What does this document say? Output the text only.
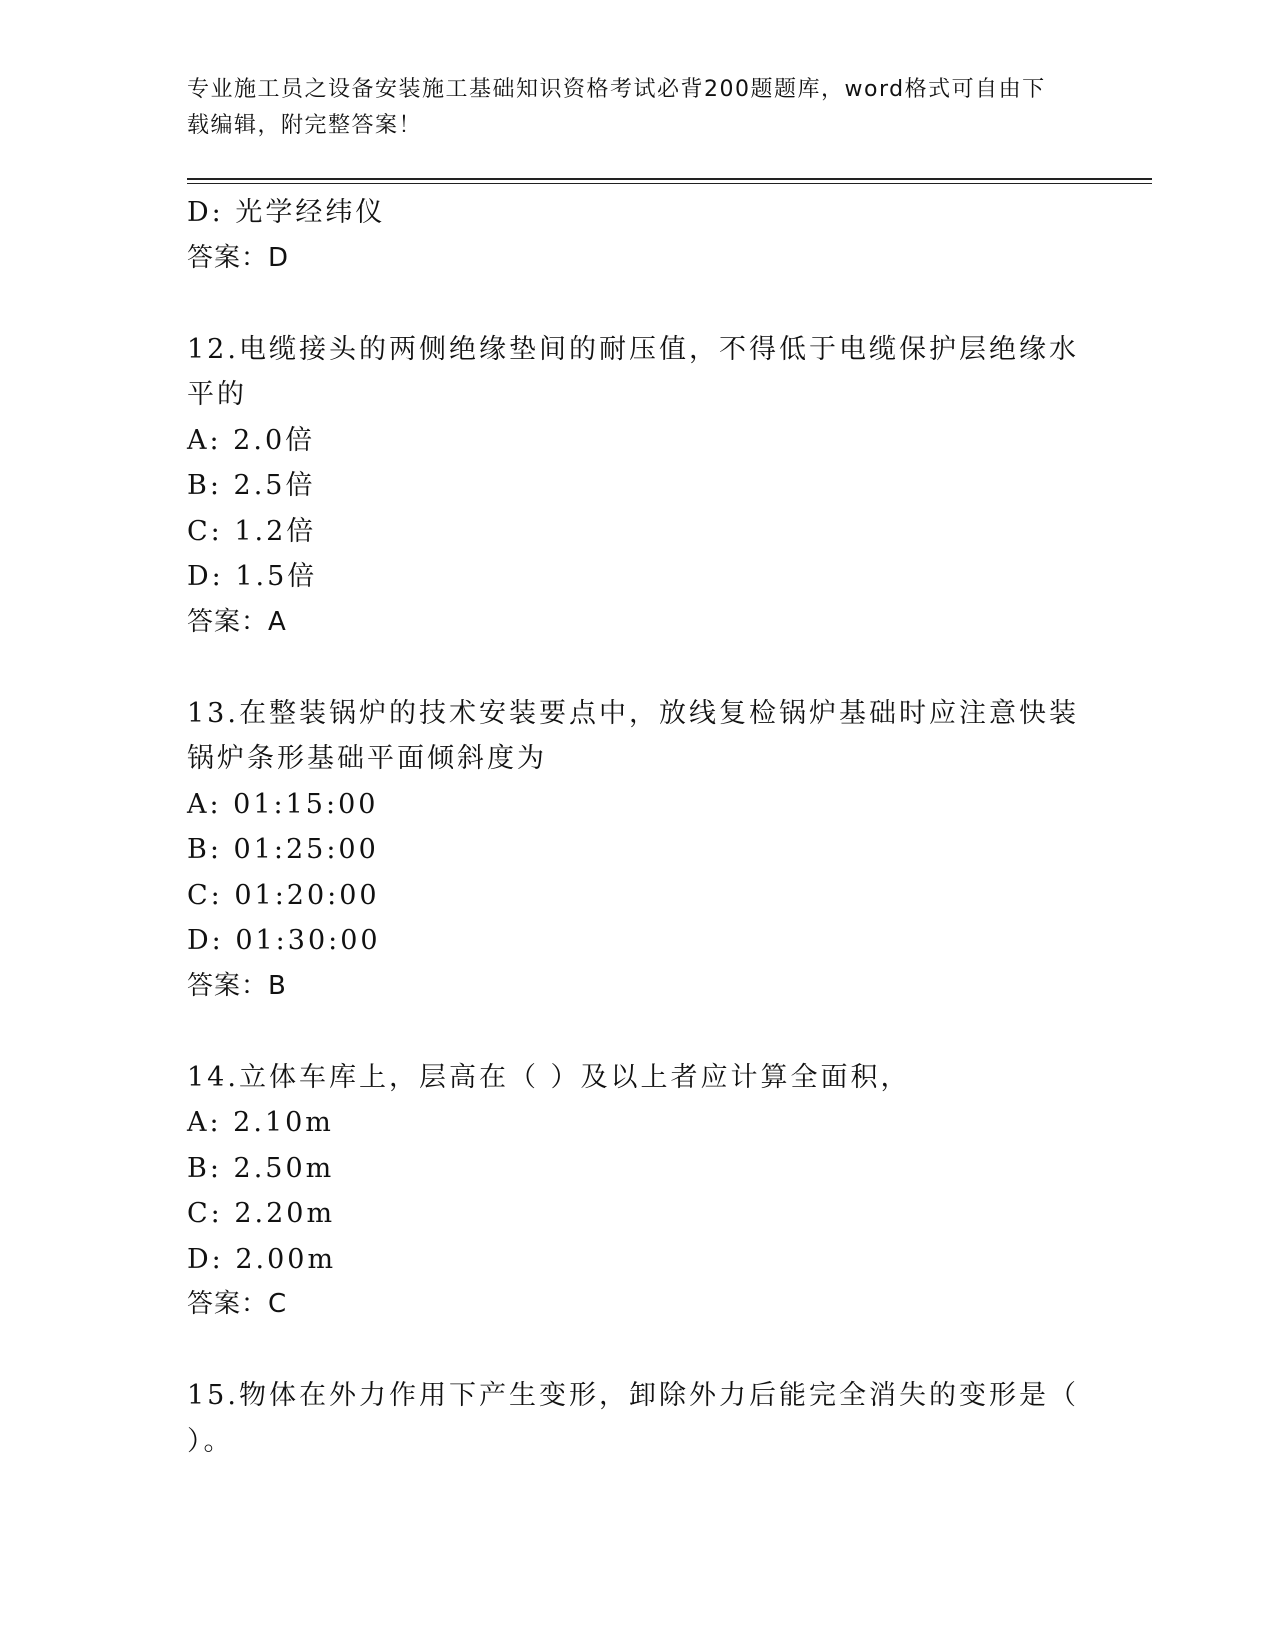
专业施工员之设备安装施工基础知识资格考试必背200题题库，word格式可自由下载编辑，附完整答案！
D: 光学经纬仪
答案：D
12.电缆接头的两侧绝缘垫间的耐压值，不得低于电缆保护层绝缘水平的
A: 2.0倍
B: 2.5倍
C: 1.2倍
D: 1.5倍
答案：A
13.在整装锅炉的技术安装要点中，放线复检锅炉基础时应注意快装锅炉条形基础平面倾斜度为
A: 01:15:00
B: 01:25:00
C: 01:20:00
D: 01:30:00
答案：B
14.立体车库上，层高在（ ）及以上者应计算全面积，
A: 2.10m
B: 2.50m
C: 2.20m
D: 2.00m
答案：C
15.物体在外力作用下产生变形，卸除外力后能完全消失的变形是（ ）。
